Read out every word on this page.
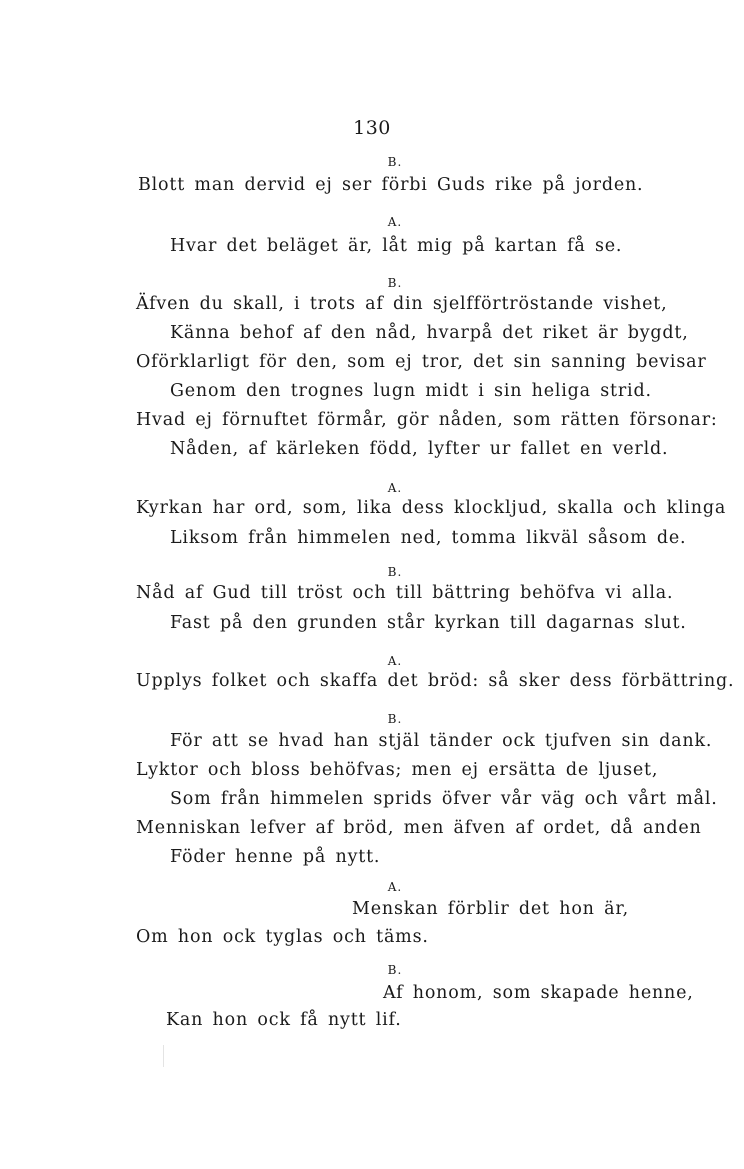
130
B.
Blott man dervid ej ser förbi Guds rike på jorden.
A.
Hvar det beläget är, låt mig på kartan få se.
B.
Äfven du skall, i trots af din sjelfförtröstande vishet,
Känna behof af den nåd, hvarpå det riket är bygdt,
Oförklarligt för den, som ej tror, det sin sanning bevisar
Genom den trognes lugn midt i sin heliga strid.
Hvad ej förnuftet förmår, gör nåden, som rätten försonar:
Nåden, af kärleken född, lyfter ur fallet en verld.
A.
Kyrkan har ord, som, lika dess klockljud, skalla och klinga
Liksom från himmelen ned, tomma likväl såsom de.
B.
Nåd af Gud till tröst och till bättring behöfva vi alla.
Fast på den grunden står kyrkan till dagarnas slut.
A.
Upplys folket och skaffa det bröd: så sker dess förbättring.
B.
För att se hvad han stjäl tänder ock tjufven sin dank.
Lyktor och bloss behöfvas; men ej ersätta de ljuset,
Som från himmelen sprids öfver vår väg och vårt mål.
Menniskan lefver af bröd, men äfven af ordet, då anden
Föder henne på nytt.
A.
Menskan förblir det hon är,
Om hon ock tyglas och täms.
B.
Af honom, som skapade henne,
Kan hon ock få nytt lif.
